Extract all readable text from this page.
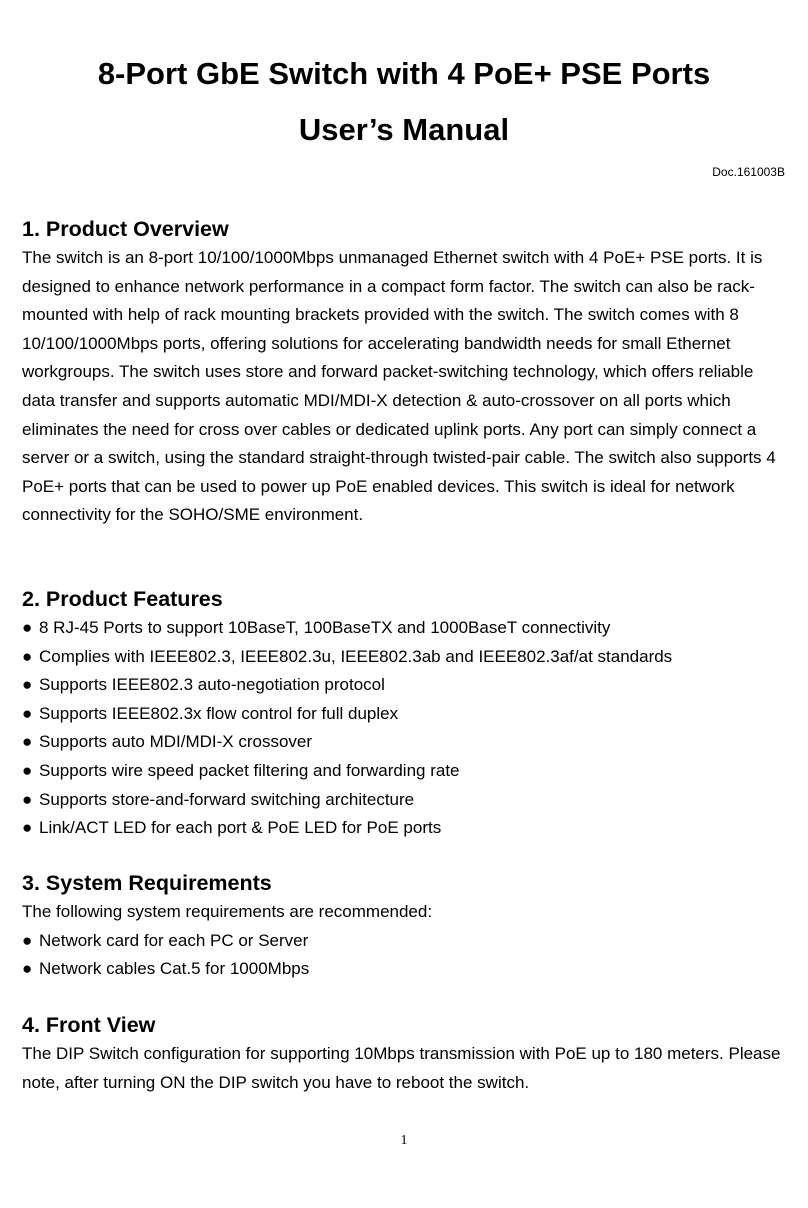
8-Port GbE Switch with 4 PoE+ PSE Ports
User’s Manual
Doc.161003B
1. Product Overview

The switch is an 8-port 10/100/1000Mbps unmanaged Ethernet switch with 4 PoE+ PSE ports. It is designed to enhance network performance in a compact form factor. The switch can also be rack-mounted with help of rack mounting brackets provided with the switch. The switch comes with 8 10/100/1000Mbps ports, offering solutions for accelerating bandwidth needs for small Ethernet workgroups. The switch uses store and forward packet-switching technology, which offers reliable data transfer and supports automatic MDI/MDI-X detection & auto-crossover on all ports which eliminates the need for cross over cables or dedicated uplink ports. Any port can simply connect a server or a switch, using the standard straight-through twisted-pair cable. The switch also supports 4 PoE+ ports that can be used to power up PoE enabled devices. This switch is ideal for network connectivity for the SOHO/SME environment.

2. Product Features
● 8 RJ-45 Ports to support 10BaseT, 100BaseTX and 1000BaseT connectivity
● Complies with IEEE802.3, IEEE802.3u, IEEE802.3ab and IEEE802.3af/at standards
● Supports IEEE802.3 auto-negotiation protocol
● Supports IEEE802.3x flow control for full duplex
● Supports auto MDI/MDI-X crossover
● Supports wire speed packet filtering and forwarding rate
● Supports store-and-forward switching architecture
● Link/ACT LED for each port & PoE LED for PoE ports
3. System Requirements

The following system requirements are recommended:

● Network card for each PC or Server
● Network cables Cat.5 for 1000Mbps
4. Front View

The DIP Switch configuration for supporting 10Mbps transmission with PoE up to 180 meters. Please note, after turning ON the DIP switch you have to reboot the switch.

1
